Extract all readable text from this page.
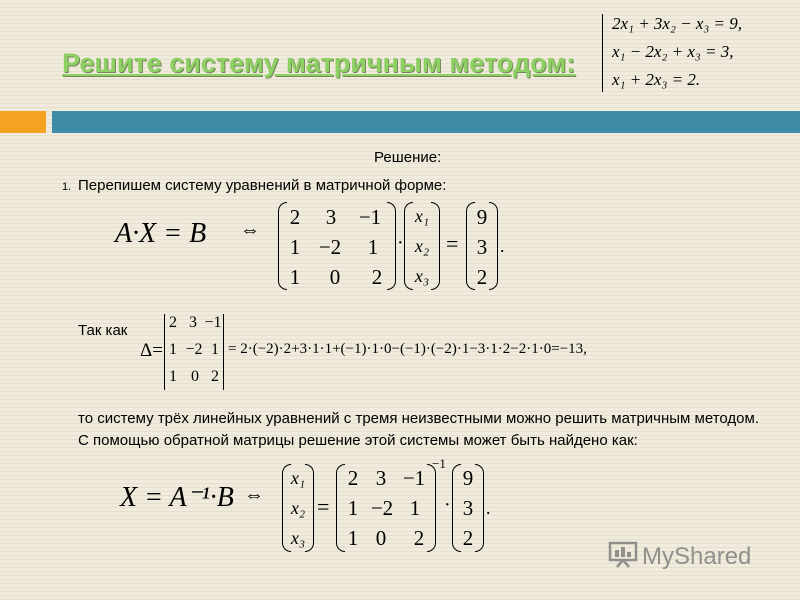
Решите систему матричным методом:
2x₁ + 3x₂ − x₃ = 9,
x₁ − 2x₂ + x₃ = 3,
x₁ + 2x₃ = 2.
Решение:
1. Перепишем систему уравнений в матричной форме:
A·X = B ⇔
· = .
2	3	−1
1 −2	1
1	0	2
x₁
x₂
x₃
9
3
2
Так как
Δ=
2 3 −1
1 −2 1
1 0 2
= 2·(−2)·2+3·1·1+(−1)·1·0−(−1)·(−2)·1−3·1·2−2·1·0=−13,
то систему трёх линейных уравнений с тремя неизвестными можно решить матричным методом. С помощью обратной матрицы решение этой системы может быть найдено как:
X = A⁻¹·B ⇔
x₁
x₂
x₃
=
−1
2 3 −1
1 −2 1
1 0	2
·
9
3
2
.
MyShared
